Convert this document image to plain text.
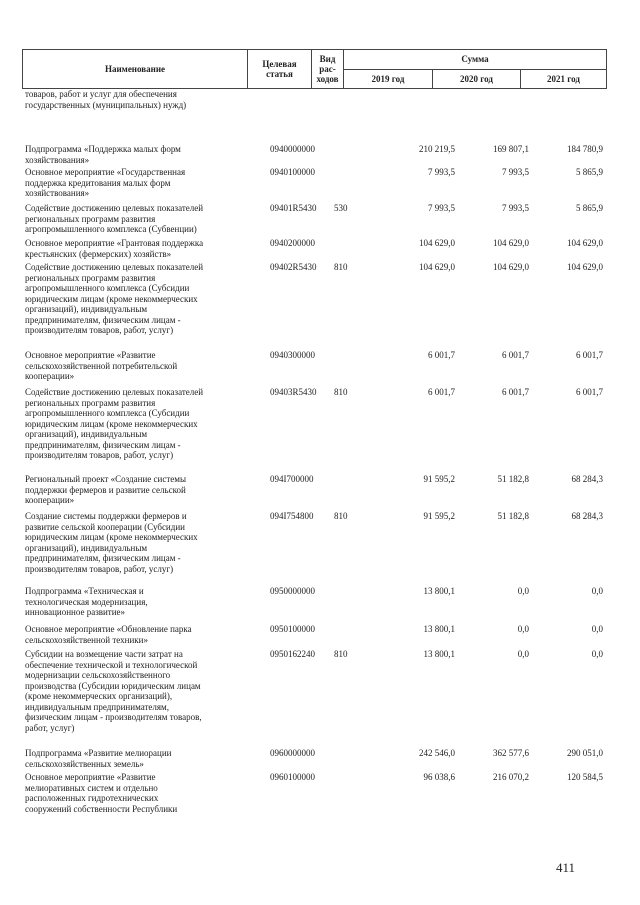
Наименование	Целевая статья	Вид рас-ходов	Сумма		
			2019 год	2020 год	2021 год
товаров, работ и услуг для обеспечения
государственных (муниципальных) нужд)
Подпрограмма «Поддержка малых форм
хозяйствования»
0940000000	210 219,5	169 807,1	184 780,9
Основное мероприятие «Государственная
поддержка кредитования малых форм
хозяйствования»
0940100000	7 993,5	7 993,5	5 865,9
Содействие достижению целевых показателей
региональных программ развития
агропромышленного комплекса (Субвенции)
09401R5430 530	7 993,5	7 993,5	5 865,9
Основное мероприятие «Грантовая поддержка
крестьянских (фермерских) хозяйств»
0940200000	104 629,0	104 629,0	104 629,0
Содействие достижению целевых показателей
региональных программ развития
агропромышленного комплекса (Субсидии
юридическим лицам (кроме некоммерческих
организаций), индивидуальным
предпринимателям, физическим лицам -
производителям товаров, работ, услуг)
09402R5430 810	104 629,0	104 629,0	104 629,0
Основное мероприятие «Развитие
сельскохозяйственной потребительской
кооперации»
0940300000	6 001,7	6 001,7	6 001,7
Содействие достижению целевых показателей
региональных программ развития
агропромышленного комплекса (Субсидии
юридическим лицам (кроме некоммерческих
организаций), индивидуальным
предпринимателям, физическим лицам -
производителям товаров, работ, услуг)
09403R5430 810	6 001,7	6 001,7	6 001,7
Региональный проект «Создание системы
поддержки фермеров и развитие сельской
кооперации»
094I700000	91 595,2	51 182,8	68 284,3
Создание системы поддержки фермеров и
развитие сельской кооперации (Субсидии
юридическим лицам (кроме некоммерческих
организаций), индивидуальным
предпринимателям, физическим лицам -
производителям товаров, работ, услуг)
094I754800 810	91 595,2	51 182,8	68 284,3
Подпрограмма «Техническая и
технологическая модернизация,
инновационное развитие»
0950000000	13 800,1	0,0	0,0
Основное мероприятие «Обновление парка
сельскохозяйственной техники»
0950100000	13 800,1	0,0	0,0
Субсидии на возмещение части затрат на
обеспечение технической и технологической
модернизации сельскохозяйственного
производства (Субсидии юридическим лицам
(кроме некоммерческих организаций),
индивидуальным предпринимателям,
физическим лицам - производителям товаров,
работ, услуг)
0950162240 810	13 800,1	0,0	0,0
Подпрограмма «Развитие мелиорации
сельскохозяйственных земель»
0960000000	242 546,0	362 577,6	290 051,0
Основное мероприятие «Развитие
мелиоративных систем и отдельно
расположенных гидротехнических
сооружений собственности Республики
0960100000	96 038,6	216 070,2	120 584,5
411
